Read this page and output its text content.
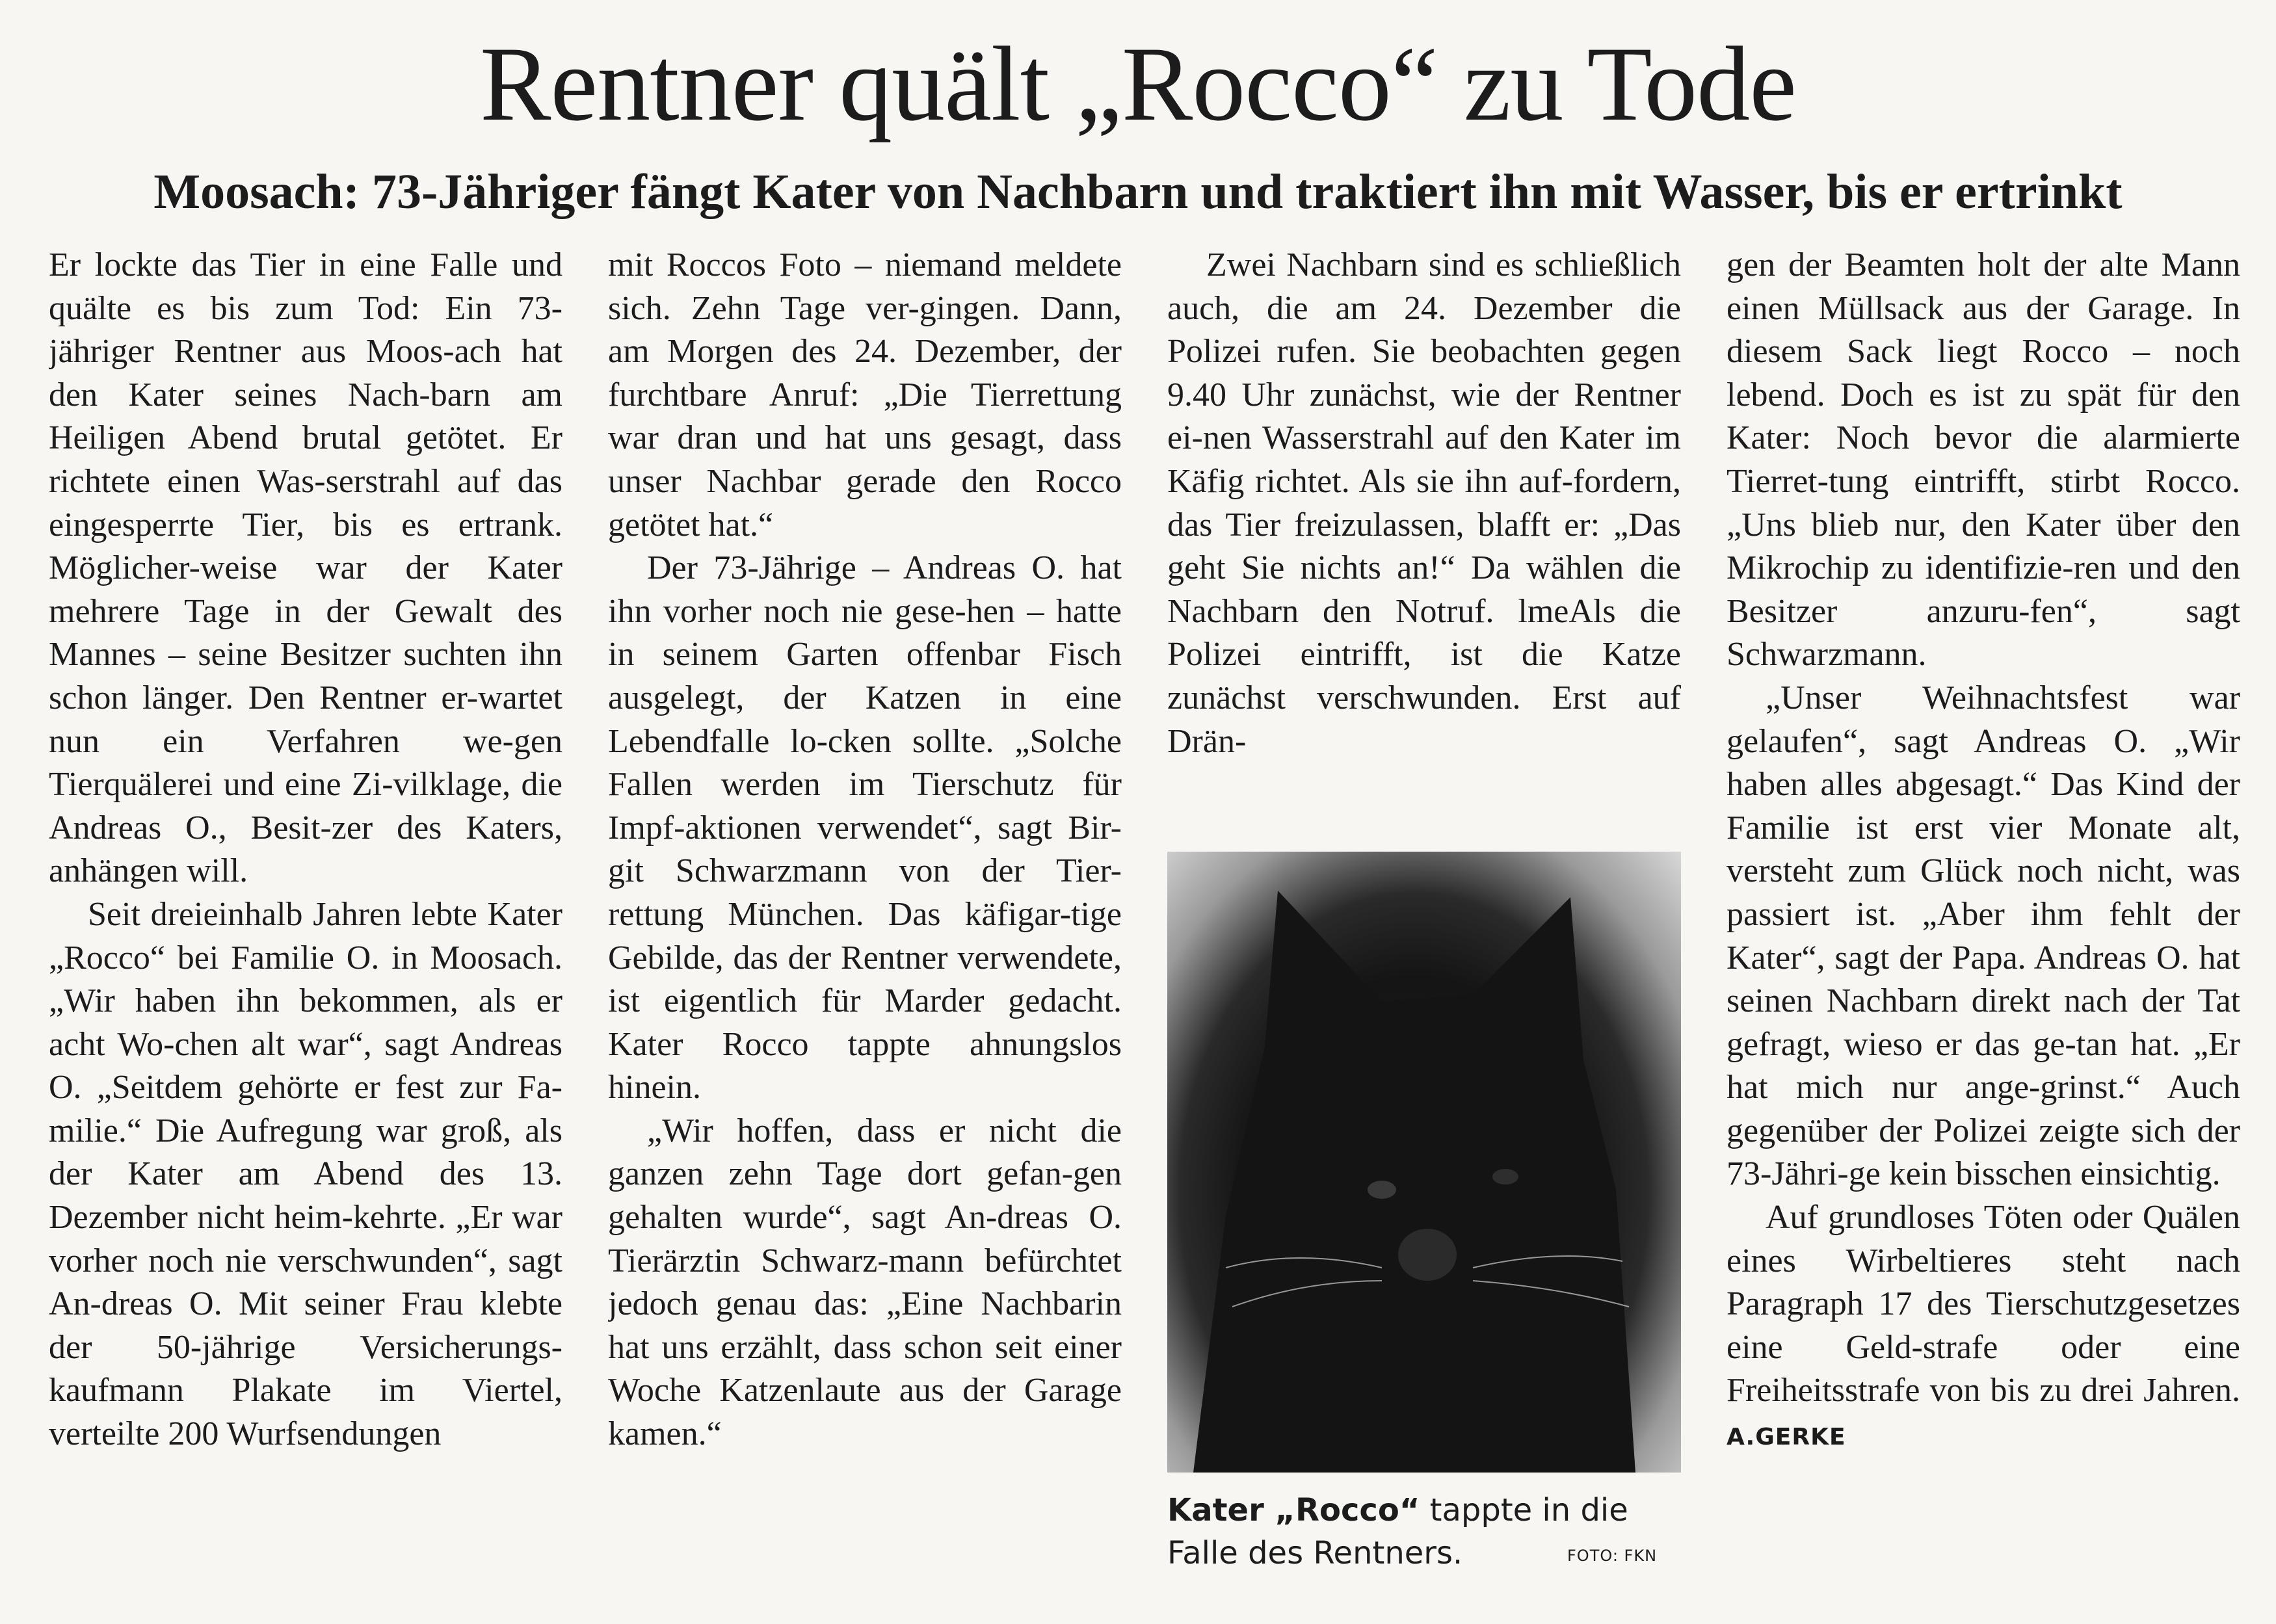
Rentner quält „Rocco“ zu Tode
Moosach: 73-Jähriger fängt Kater von Nachbarn und traktiert ihn mit Wasser, bis er ertrinkt

Er lockte das Tier in eine Falle und quälte es bis zum Tod: Ein 73-jähriger Rentner aus Moos-ach hat den Kater seines Nach-barn am Heiligen Abend brutal getötet. Er richtete einen Was-serstrahl auf das eingesperrte Tier, bis es ertrank. Möglicher-weise war der Kater mehrere Tage in der Gewalt des Mannes – seine Besitzer suchten ihn schon länger. Den Rentner er-wartet nun ein Verfahren we-gen Tierquälerei und eine Zi-vilklage, die Andreas O., Besit-zer des Katers, anhängen will.

Seit dreieinhalb Jahren lebte Kater „Rocco“ bei Familie O. in Moosach. „Wir haben ihn bekommen, als er acht Wo-chen alt war“, sagt Andreas O. „Seitdem gehörte er fest zur Fa-milie.“ Die Aufregung war groß, als der Kater am Abend des 13. Dezember nicht heim-kehrte. „Er war vorher noch nie verschwunden“, sagt An-dreas O. Mit seiner Frau klebte der 50-jährige Versicherungs-kaufmann Plakate im Viertel, verteilte 200 Wurfsendungen

mit Roccos Foto – niemand meldete sich. Zehn Tage ver-gingen. Dann, am Morgen des 24. Dezember, der furchtbare Anruf: „Die Tierrettung war dran und hat uns gesagt, dass unser Nachbar gerade den Rocco getötet hat.“

Der 73-Jährige – Andreas O. hat ihn vorher noch nie gese-hen – hatte in seinem Garten offenbar Fisch ausgelegt, der Katzen in eine Lebendfalle lo-cken sollte. „Solche Fallen werden im Tierschutz für Impf-aktionen verwendet“, sagt Bir-git Schwarzmann von der Tier-rettung München. Das käfigar-tige Gebilde, das der Rentner verwendete, ist eigentlich für Marder gedacht. Kater Rocco tappte ahnungslos hinein.

„Wir hoffen, dass er nicht die ganzen zehn Tage dort gefan-gen gehalten wurde“, sagt An-dreas O. Tierärztin Schwarz-mann befürchtet jedoch genau das: „Eine Nachbarin hat uns erzählt, dass schon seit einer Woche Katzenlaute aus der Garage kamen.“

Zwei Nachbarn sind es schließlich auch, die am 24. Dezember die Polizei rufen. Sie beobachten gegen 9.40 Uhr zunächst, wie der Rentner ei-nen Wasserstrahl auf den Kater im Käfig richtet. Als sie ihn auf-fordern, das Tier freizulassen, blafft er: „Das geht Sie nichts an!“ Da wählen die Nachbarn den Notruf. lmeAls die Polizei eintrifft, ist die Katze zunächst verschwunden. Erst auf Drän-

Kater „Rocco“ tappte in die Falle des Rentners.	FOTO: FKN

gen der Beamten holt der alte Mann einen Müllsack aus der Garage. In diesem Sack liegt Rocco – noch lebend. Doch es ist zu spät für den Kater: Noch bevor die alarmierte Tierret-tung eintrifft, stirbt Rocco. „Uns blieb nur, den Kater über den Mikrochip zu identifizie-ren und den Besitzer anzuru-fen“, sagt Schwarzmann.

„Unser Weihnachtsfest war gelaufen“, sagt Andreas O. „Wir haben alles abgesagt.“ Das Kind der Familie ist erst vier Monate alt, versteht zum Glück noch nicht, was passiert ist. „Aber ihm fehlt der Kater“, sagt der Papa. Andreas O. hat seinen Nachbarn direkt nach der Tat gefragt, wieso er das ge-tan hat. „Er hat mich nur ange-grinst.“ Auch gegenüber der Polizei zeigte sich der 73-Jähri-ge kein bisschen einsichtig.

Auf grundloses Töten oder Quälen eines Wirbeltieres steht nach Paragraph 17 des Tierschutzgesetzes eine Geld-strafe oder eine Freiheitsstrafe von bis zu drei Jahren. A.GERKE
